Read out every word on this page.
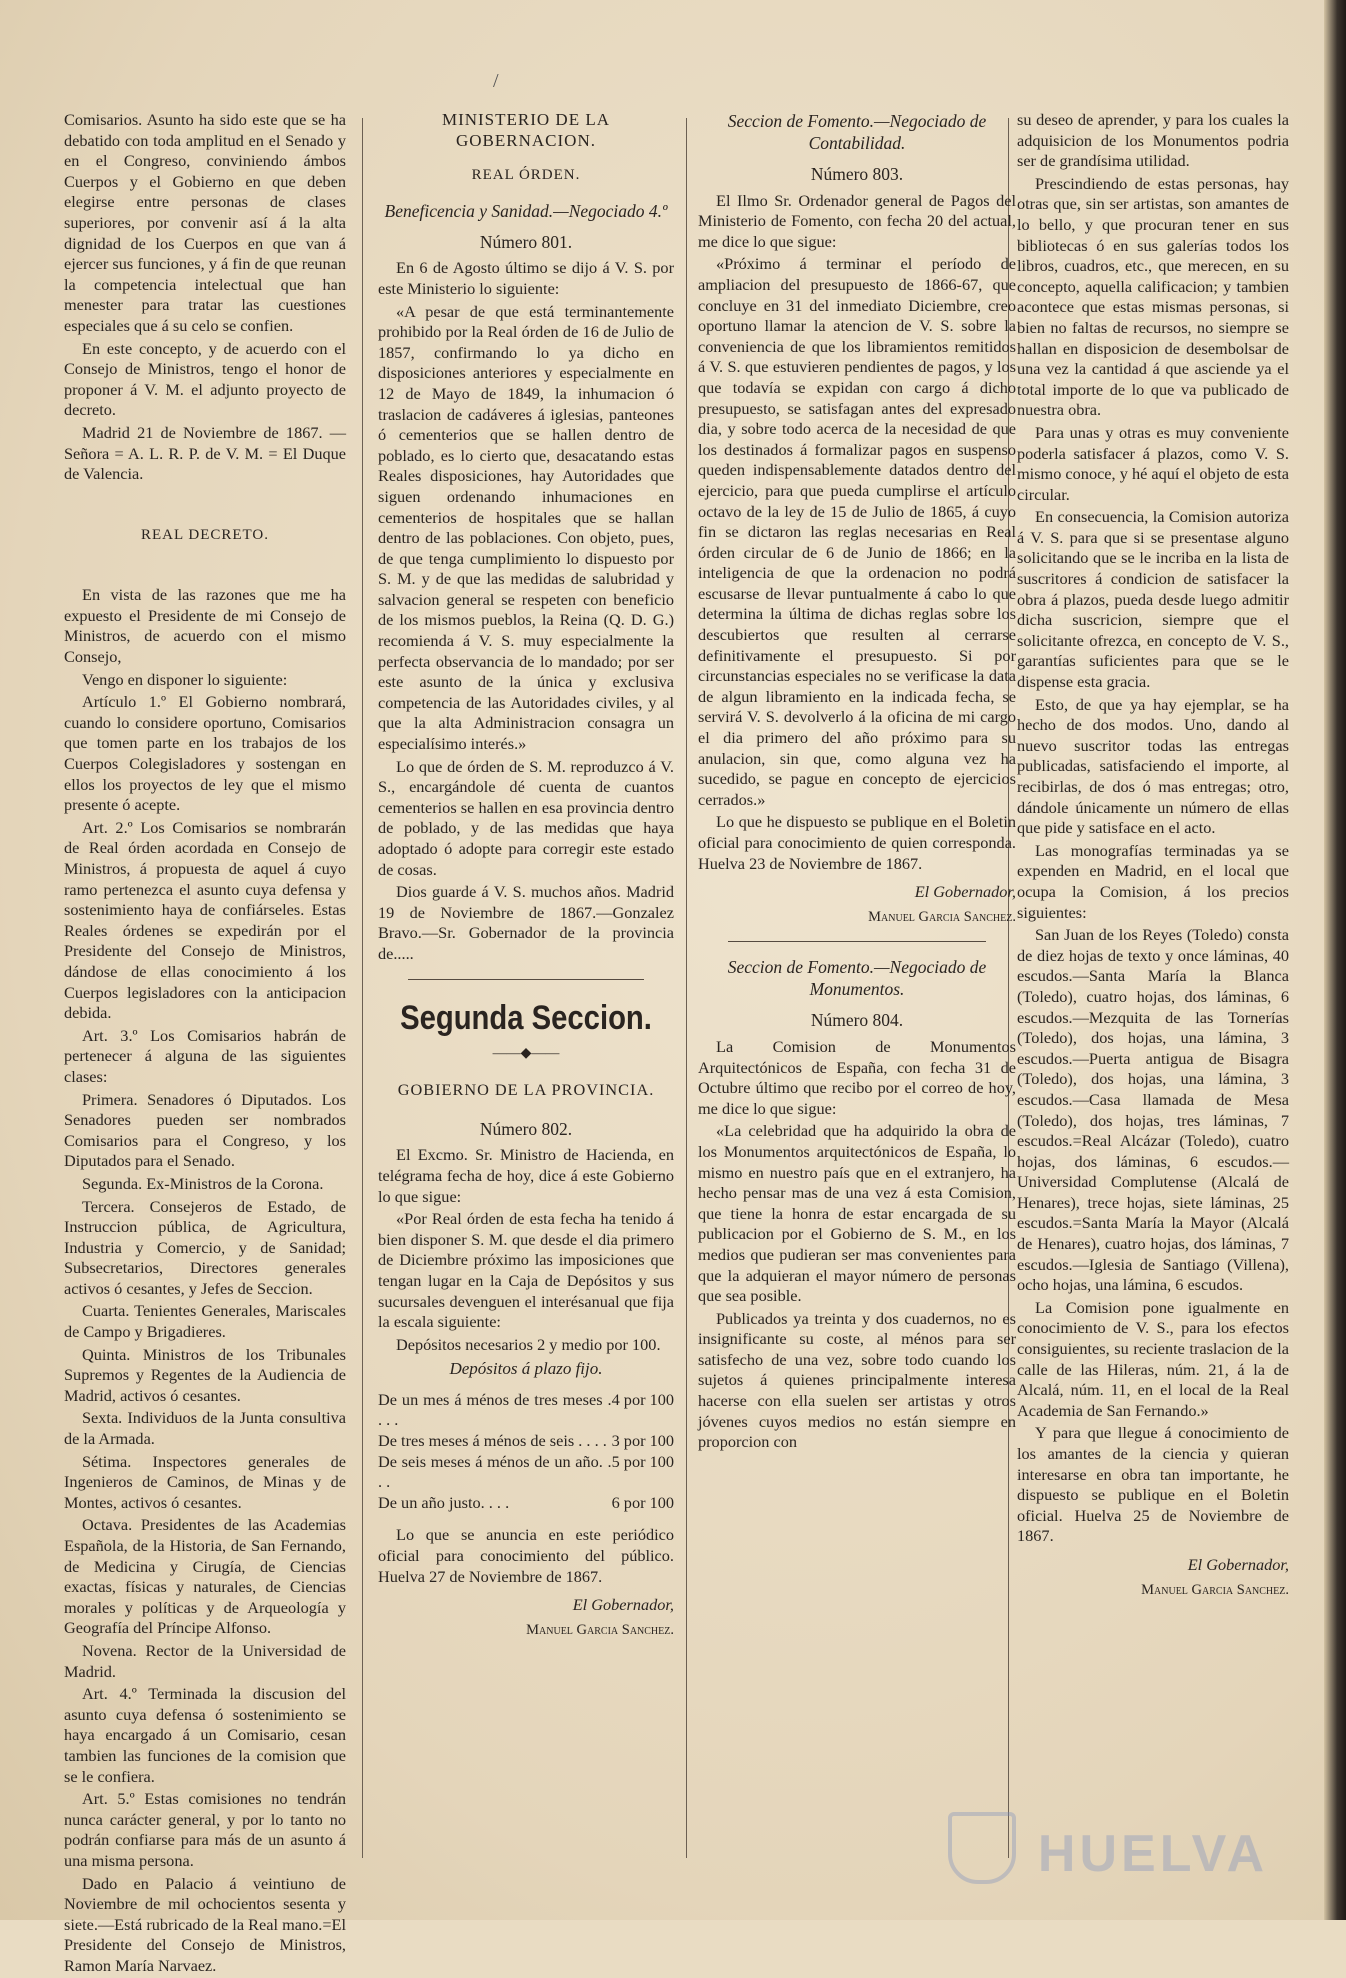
/

Comisarios. Asunto ha sido este que se ha debatido con toda amplitud en el Senado y en el Congreso, conviniendo ámbos Cuerpos y el Gobierno en que deben elegirse entre personas de clases superiores, por convenir así á la alta dignidad de los Cuerpos en que van á ejercer sus funciones, y á fin de que reunan la competencia intelectual que han menester para tratar las cuestiones especiales que á su celo se confien.

En este concepto, y de acuerdo con el Consejo de Ministros, tengo el honor de proponer á V. M. el adjunto proyecto de decreto.

Madrid 21 de Noviembre de 1867. —Señora = A. L. R. P. de V. M. = El Duque de Valencia.

REAL DECRETO.

En vista de las razones que me ha expuesto el Presidente de mi Consejo de Ministros, de acuerdo con el mismo Consejo,

Vengo en disponer lo siguiente:

Artículo 1.º El Gobierno nombrará, cuando lo considere oportuno, Comisarios que tomen parte en los trabajos de los Cuerpos Colegisladores y sostengan en ellos los proyectos de ley que el mismo presente ó acepte.

Art. 2.º Los Comisarios se nombrarán de Real órden acordada en Consejo de Ministros, á propuesta de aquel á cuyo ramo pertenezca el asunto cuya defensa y sostenimiento haya de confiárseles. Estas Reales órdenes se expedirán por el Presidente del Consejo de Ministros, dándose de ellas conocimiento á los Cuerpos legisladores con la anticipacion debida.

Art. 3.º Los Comisarios habrán de pertenecer á alguna de las siguientes clases:

Primera. Senadores ó Diputados. Los Senadores pueden ser nombrados Comisarios para el Congreso, y los Diputados para el Senado.

Segunda. Ex-Ministros de la Corona.

Tercera. Consejeros de Estado, de Instruccion pública, de Agricultura, Industria y Comercio, y de Sanidad; Subsecretarios, Directores generales activos ó cesantes, y Jefes de Seccion.

Cuarta. Tenientes Generales, Mariscales de Campo y Brigadieres.

Quinta. Ministros de los Tribunales Supremos y Regentes de la Audiencia de Madrid, activos ó cesantes.

Sexta. Individuos de la Junta consultiva de la Armada.

Sétima. Inspectores generales de Ingenieros de Caminos, de Minas y de Montes, activos ó cesantes.

Octava. Presidentes de las Academias Española, de la Historia, de San Fernando, de Medicina y Cirugía, de Ciencias exactas, físicas y naturales, de Ciencias morales y políticas y de Arqueología y Geografía del Príncipe Alfonso.

Novena. Rector de la Universidad de Madrid.

Art. 4.º Terminada la discusion del asunto cuya defensa ó sostenimiento se haya encargado á un Comisario, cesan tambien las funciones de la comision que se le confiera.

Art. 5.º Estas comisiones no tendrán nunca carácter general, y por lo tanto no podrán confiarse para más de un asunto á una misma persona.

Dado en Palacio á veintiuno de Noviembre de mil ochocientos sesenta y siete.—Está rubricado de la Real mano.=El Presidente del Consejo de Ministros, Ramon María Narvaez.

MINISTERIO DE LA GOBERNACION.

REAL ÓRDEN.

Beneficencia y Sanidad.—Negociado 4.º

Número 801.

En 6 de Agosto último se dijo á V. S. por este Ministerio lo siguiente:

«A pesar de que está terminantemente prohibido por la Real órden de 16 de Julio de 1857, confirmando lo ya dicho en disposiciones anteriores y especialmente en 12 de Mayo de 1849, la inhumacion ó traslacion de cadáveres á iglesias, panteones ó cementerios que se hallen dentro de poblado, es lo cierto que, desacatando estas Reales disposiciones, hay Autoridades que siguen ordenando inhumaciones en cementerios de hospitales que se hallan dentro de las poblaciones. Con objeto, pues, de que tenga cumplimiento lo dispuesto por S. M. y de que las medidas de salubridad y salvacion general se respeten con beneficio de los mismos pueblos, la Reina (Q. D. G.) recomienda á V. S. muy especialmente la perfecta observancia de lo mandado; por ser este asunto de la única y exclusiva competencia de las Autoridades civiles, y al que la alta Administracion consagra un especialísimo interés.»

Lo que de órden de S. M. reproduzco á V. S., encargándole dé cuenta de cuantos cementerios se hallen en esa provincia dentro de poblado, y de las medidas que haya adoptado ó adopte para corregir este estado de cosas.

Dios guarde á V. S. muchos años. Madrid 19 de Noviembre de 1867.—Gonzalez Bravo.—Sr. Gobernador de la provincia de.....

Segunda Seccion.

——◆——

GOBIERNO DE LA PROVINCIA.

Número 802.

El Excmo. Sr. Ministro de Hacienda, en telégrama fecha de hoy, dice á este Gobierno lo que sigue:

«Por Real órden de esta fecha ha tenido á bien disponer S. M. que desde el dia primero de Diciembre próximo las imposiciones que tengan lugar en la Caja de Depósitos y sus sucursales devenguen el interésanual que fija la escala siguiente:

Depósitos necesarios 2 y medio por 100.

Depósitos á plazo fijo.

De un mes á ménos de tres meses . . . .
4 por 100
De tres meses á ménos de seis . . . . 3 por 100
De seis meses á ménos de un año. . . .
5 por 100
De un año justo. . . .	6 por 100

Lo que se anuncia en este periódico oficial para conocimiento del público. Huelva 27 de Noviembre de 1867.

El Gobernador,

Manuel Garcia Sanchez.

Seccion de Fomento.—Negociado de Contabilidad.

Número 803.

El Ilmo Sr. Ordenador general de Pagos del Ministerio de Fomento, con fecha 20 del actual, me dice lo que sigue:

«Próximo á terminar el período de ampliacion del presupuesto de 1866-67, que concluye en 31 del inmediato Diciembre, creo oportuno llamar la atencion de V. S. sobre la conveniencia de que los libramientos remitidos á V. S. que estuvieren pendientes de pagos, y los que todavía se expidan con cargo á dicho presupuesto, se satisfagan antes del expresado dia, y sobre todo acerca de la necesidad de que los destinados á formalizar pagos en suspenso queden indispensablemente datados dentro del ejercicio, para que pueda cumplirse el artículo octavo de la ley de 15 de Julio de 1865, á cuyo fin se dictaron las reglas necesarias en Real órden circular de 6 de Junio de 1866; en la inteligencia de que la ordenacion no podrá escusarse de llevar puntualmente á cabo lo que determina la última de dichas reglas sobre los descubiertos que resulten al cerrarse definitivamente el presupuesto. Si por circunstancias especiales no se verificase la data de algun libramiento en la indicada fecha, se servirá V. S. devolverlo á la oficina de mi cargo el dia primero del año próximo para su anulacion, sin que, como alguna vez ha sucedido, se pague en concepto de ejercicios cerrados.»

Lo que he dispuesto se publique en el Boletin oficial para conocimiento de quien corresponda. Huelva 23 de Noviembre de 1867.

El Gobernador,

Manuel Garcia Sanchez.

Seccion de Fomento.—Negociado de Monumentos.

Número 804.

La Comision de Monumentos Arquitectónicos de España, con fecha 31 de Octubre último que recibo por el correo de hoy, me dice lo que sigue:

«La celebridad que ha adquirido la obra de los Monumentos arquitectónicos de España, lo mismo en nuestro país que en el extranjero, ha hecho pensar mas de una vez á esta Comision, que tiene la honra de estar encargada de su publicacion por el Gobierno de S. M., en los medios que pudieran ser mas convenientes para que la adquieran el mayor número de personas que sea posible.

Publicados ya treinta y dos cuadernos, no es insignificante su coste, al ménos para ser satisfecho de una vez, sobre todo cuando los sujetos á quienes principalmente interesa hacerse con ella suelen ser artistas y otros jóvenes cuyos medios no están siempre en proporcion con

su deseo de aprender, y para los cuales la adquisicion de los Monumentos podria ser de grandísima utilidad.

Prescindiendo de estas personas, hay otras que, sin ser artistas, son amantes de lo bello, y que procuran tener en sus bibliotecas ó en sus galerías todos los libros, cuadros, etc., que merecen, en su concepto, aquella calificacion; y tambien acontece que estas mismas personas, si bien no faltas de recursos, no siempre se hallan en disposicion de desembolsar de una vez la cantidad á que asciende ya el total importe de lo que va publicado de nuestra obra.

Para unas y otras es muy conveniente poderla satisfacer á plazos, como V. S. mismo conoce, y hé aquí el objeto de esta circular.

En consecuencia, la Comision autoriza á V. S. para que si se presentase alguno solicitando que se le incriba en la lista de suscritores á condicion de satisfacer la obra á plazos, pueda desde luego admitir dicha suscricion, siempre que el solicitante ofrezca, en concepto de V. S., garantías suficientes para que se le dispense esta gracia.

Esto, de que ya hay ejemplar, se ha hecho de dos modos. Uno, dando al nuevo suscritor todas las entregas publicadas, satisfaciendo el importe, al recibirlas, de dos ó mas entregas; otro, dándole únicamente un número de ellas que pide y satisface en el acto.

Las monografías terminadas ya se expenden en Madrid, en el local que ocupa la Comision, á los precios siguientes:

San Juan de los Reyes (Toledo) consta de diez hojas de texto y once láminas, 40 escudos.—Santa María la Blanca (Toledo), cuatro hojas, dos láminas, 6 escudos.—Mezquita de las Tornerías (Toledo), dos hojas, una lámina, 3 escudos.—Puerta antigua de Bisagra (Toledo), dos hojas, una lámina, 3 escudos.—Casa llamada de Mesa (Toledo), dos hojas, tres láminas, 7 escudos.=Real Alcázar (Toledo), cuatro hojas, dos láminas, 6 escudos.—Universidad Complutense (Alcalá de Henares), trece hojas, siete láminas, 25 escudos.=Santa María la Mayor (Alcalá de Henares), cuatro hojas, dos láminas, 7 escudos.—Iglesia de Santiago (Villena), ocho hojas, una lámina, 6 escudos.

La Comision pone igualmente en conocimiento de V. S., para los efectos consiguientes, su reciente traslacion de la calle de las Hileras, núm. 21, á la de Alcalá, núm. 11, en el local de la Real Academia de San Fernando.»

Y para que llegue á conocimiento de los amantes de la ciencia y quieran interesarse en obra tan importante, he dispuesto se publique en el Boletin oficial. Huelva 25 de Noviembre de 1867.

El Gobernador,

Manuel Garcia Sanchez.

HUELVA
